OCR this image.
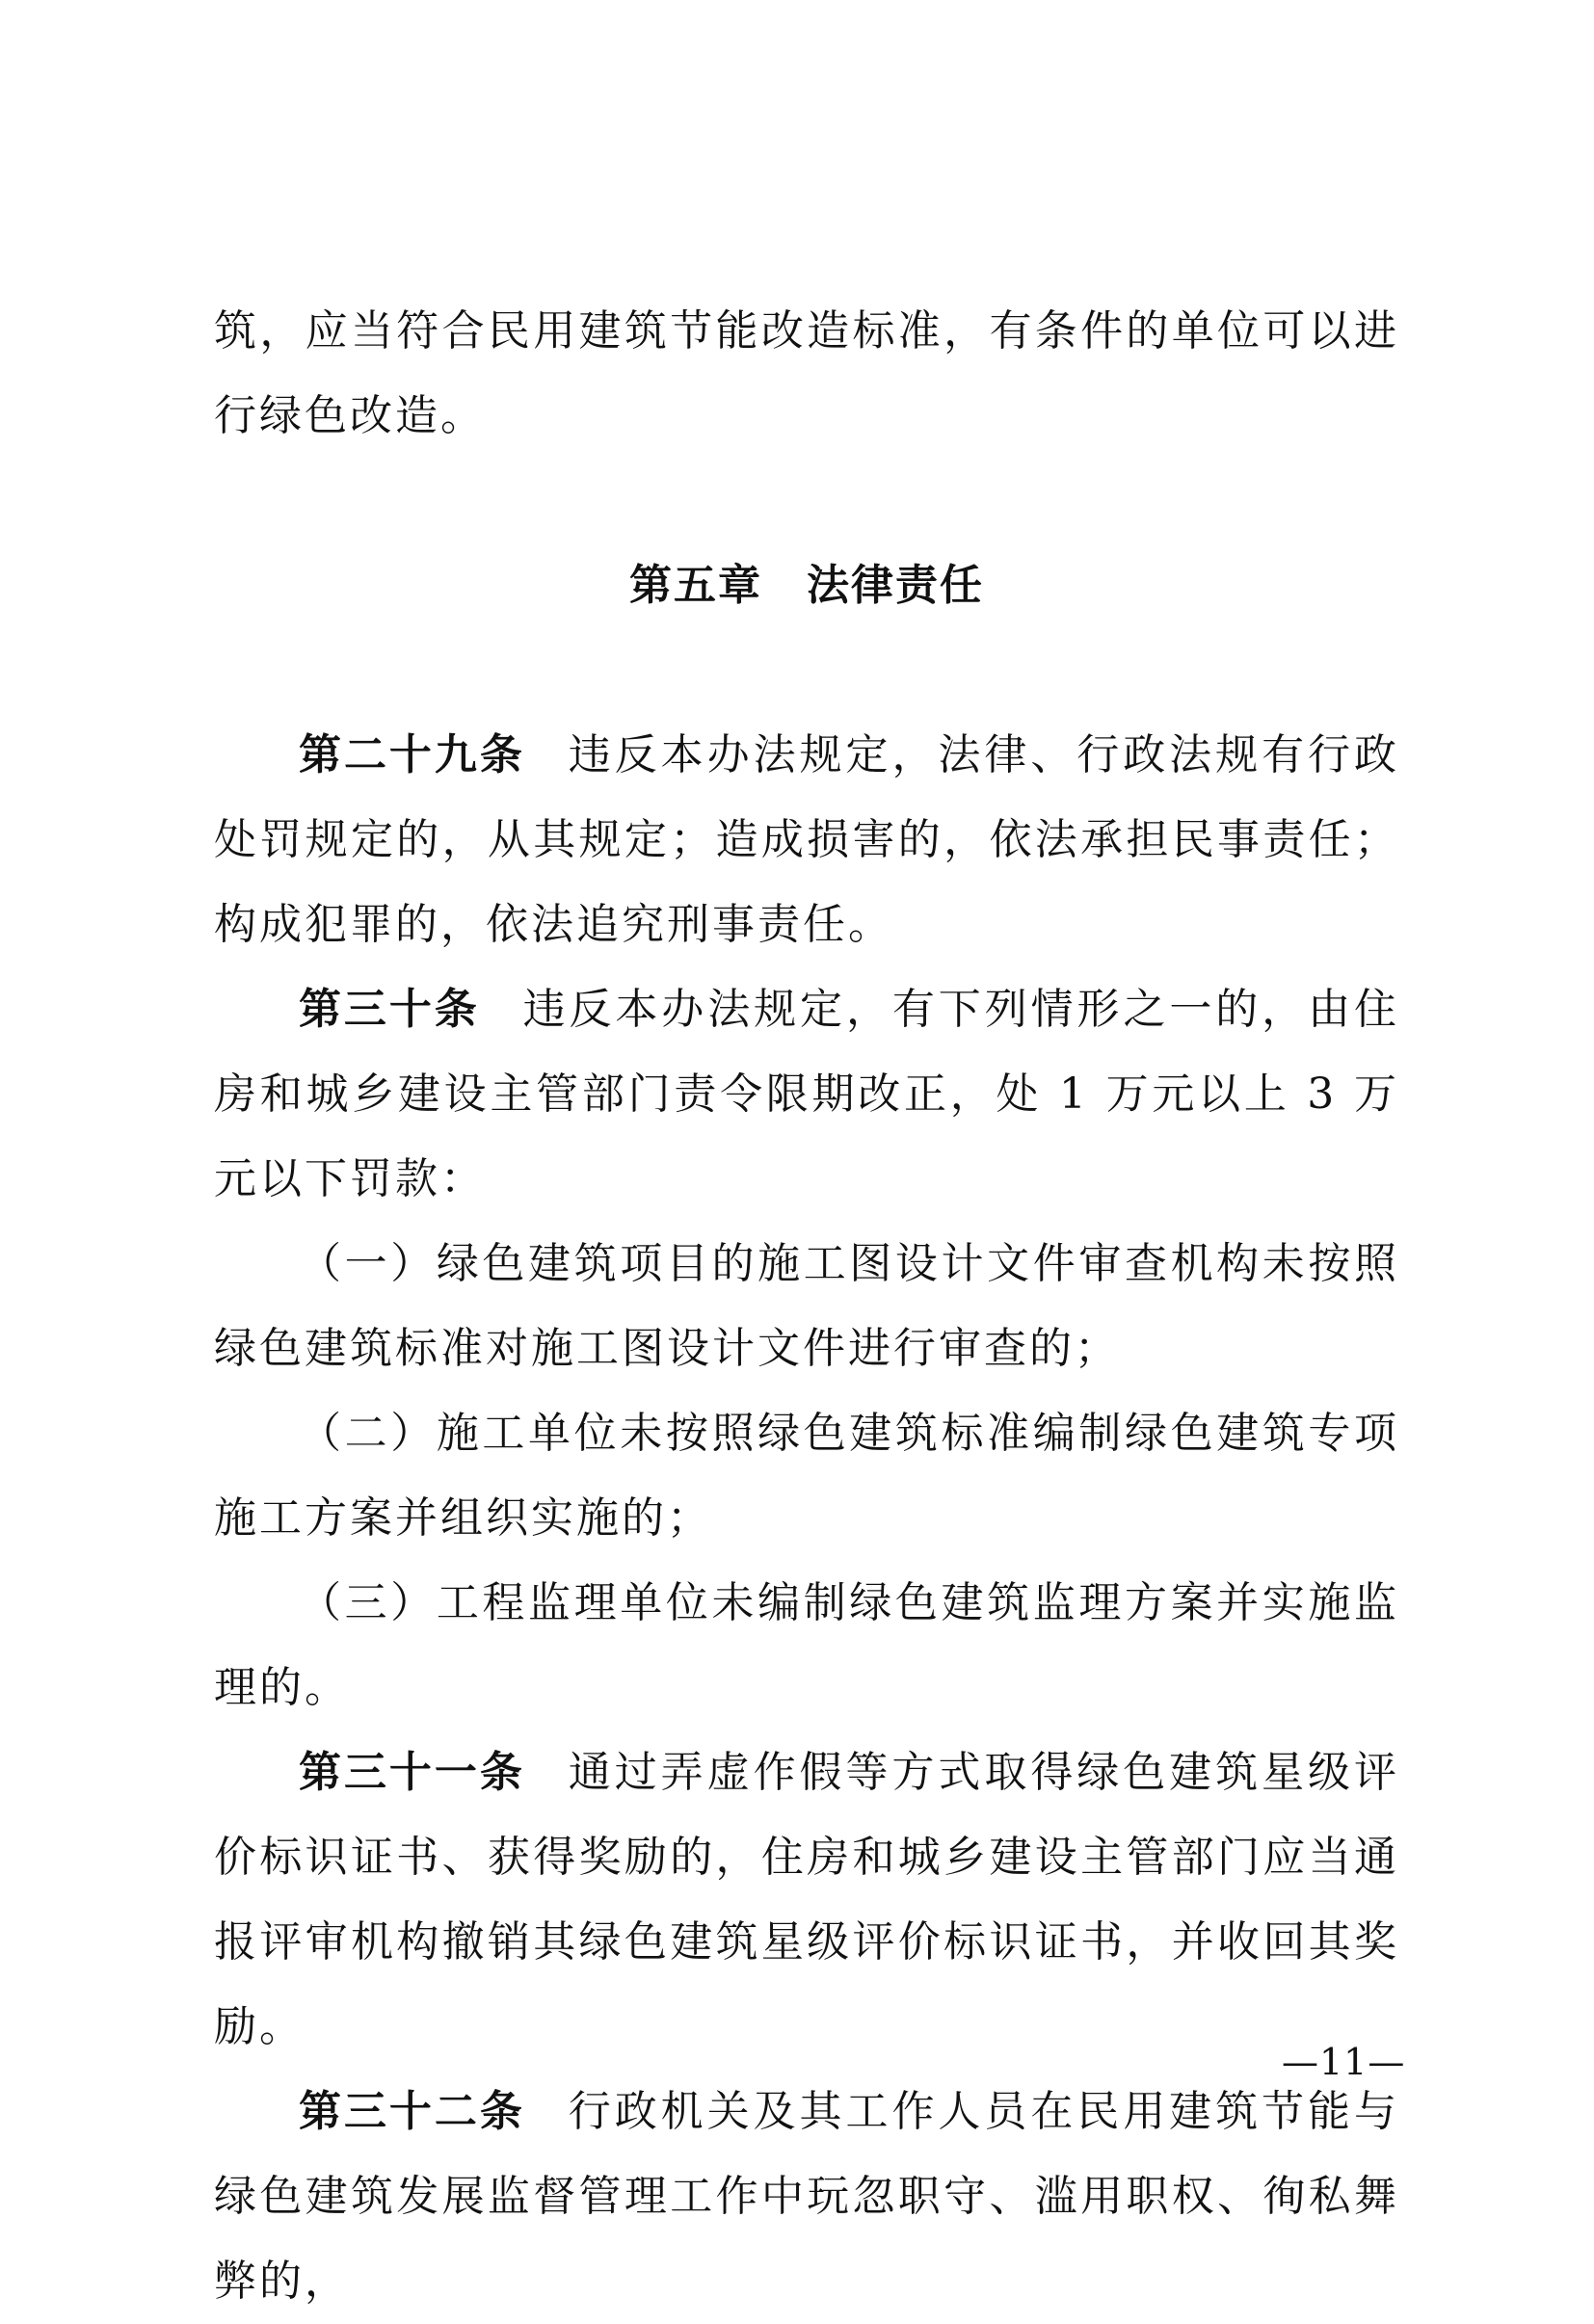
筑，应当符合民用建筑节能改造标准，有条件的单位可以进行绿色改造。

第五章　法律责任

第二十九条 违反本办法规定，法律、行政法规有行政处罚规定的，从其规定；造成损害的，依法承担民事责任；构成犯罪的，依法追究刑事责任。

第三十条 违反本办法规定，有下列情形之一的，由住房和城乡建设主管部门责令限期改正，处 1 万元以上 3 万元以下罚款：

（一）绿色建筑项目的施工图设计文件审查机构未按照绿色建筑标准对施工图设计文件进行审查的；

（二）施工单位未按照绿色建筑标准编制绿色建筑专项施工方案并组织实施的；

（三）工程监理单位未编制绿色建筑监理方案并实施监理的。

第三十一条 通过弄虚作假等方式取得绿色建筑星级评价标识证书、获得奖励的，住房和城乡建设主管部门应当通报评审机构撤销其绿色建筑星级评价标识证书，并收回其奖励。

第三十二条 行政机关及其工作人员在民用建筑节能与绿色建筑发展监督管理工作中玩忽职守、滥用职权、徇私舞弊的，

—11—
